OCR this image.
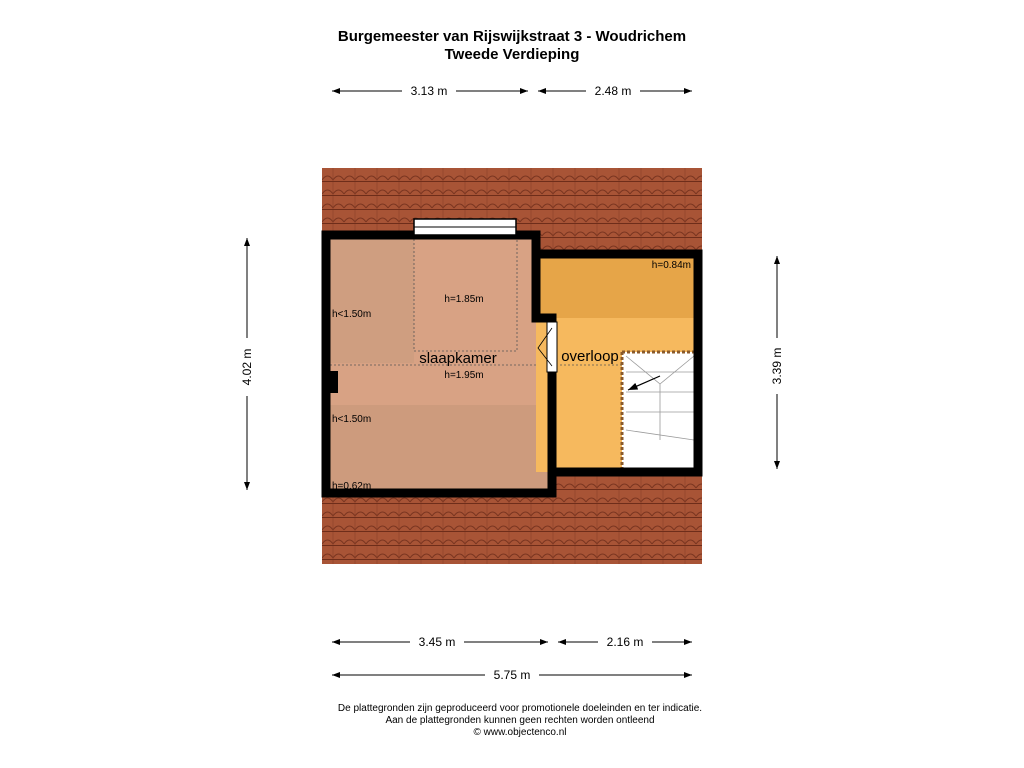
Burgemeester van Rijswijkstraat 3 - Woudrichem
Tweede Verdieping
3.13 m	2.48 m
4.02 m	3.39 m
3.45 m	2.16 m
5.75 m
slaapkamer
h<1.50m
h=1.85m
h=1.95m
h<1.50m
h=0.62m
overloop
h=0.84m
De plattegronden zijn geproduceerd voor promotionele doeleinden en ter indicatie.
Aan de plattegronden kunnen geen rechten worden ontleend
© www.objectenco.nl
